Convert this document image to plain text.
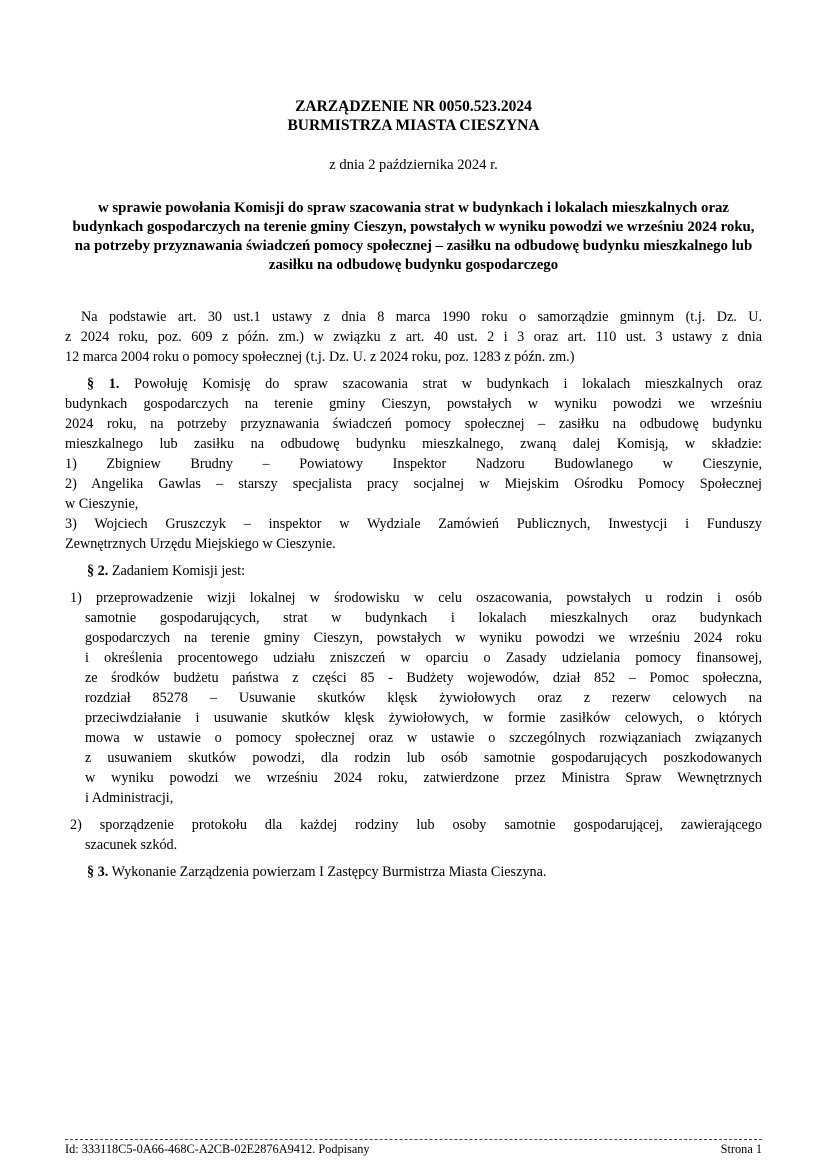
ZARZĄDZENIE NR 0050.523.2024
BURMISTRZA MIASTA CIESZYNA
z dnia 2 października 2024 r.
w sprawie powołania Komisji do spraw szacowania strat w budynkach i lokalach mieszkalnych oraz budynkach gospodarczych na terenie gminy Cieszyn, powstałych w wyniku powodzi we wrześniu 2024 roku, na potrzeby przyznawania świadczeń pomocy społecznej – zasiłku na odbudowę budynku mieszkalnego lub zasiłku na odbudowę budynku gospodarczego
Na podstawie art. 30 ust.1 ustawy z dnia 8 marca 1990 roku o samorządzie gminnym (t.j. Dz. U.
z 2024 roku, poz. 609 z późn. zm.) w związku z art. 40 ust. 2 i 3 oraz art. 110 ust. 3 ustawy z dnia
12 marca 2004 roku o pomocy społecznej (t.j. Dz. U. z 2024 roku, poz. 1283 z późn. zm.)
§ 1. Powołuję Komisję do spraw szacowania strat w budynkach i lokalach mieszkalnych oraz
budynkach gospodarczych na terenie gminy Cieszyn, powstałych w wyniku powodzi we wrześniu
2024 roku, na potrzeby przyznawania świadczeń pomocy społecznej – zasiłku na odbudowę budynku
mieszkalnego lub zasiłku na odbudowę budynku mieszkalnego, zwaną dalej Komisją, w składzie:
1) Zbigniew Brudny – Powiatowy Inspektor Nadzoru Budowlanego w Cieszynie,
2) Angelika Gawlas – starszy specjalista pracy socjalnej w Miejskim Ośrodku Pomocy Społecznej
w Cieszynie,
3) Wojciech Gruszczyk – inspektor w Wydziale Zamówień Publicznych, Inwestycji i Funduszy
Zewnętrznych Urzędu Miejskiego w Cieszynie.
§ 2. Zadaniem Komisji jest:
1) przeprowadzenie wizji lokalnej w środowisku w celu oszacowania, powstałych u rodzin i osób
samotnie gospodarujących, strat w budynkach i lokalach mieszkalnych oraz budynkach
gospodarczych na terenie gminy Cieszyn, powstałych w wyniku powodzi we wrześniu 2024 roku
i określenia procentowego udziału zniszczeń w oparciu o Zasady udzielania pomocy finansowej,
ze środków budżetu państwa z części 85 - Budżety wojewodów, dział 852 – Pomoc społeczna,
rozdział 85278 – Usuwanie skutków klęsk żywiołowych oraz z rezerw celowych na
przeciwdziałanie i usuwanie skutków klęsk żywiołowych, w formie zasiłków celowych, o których
mowa w ustawie o pomocy społecznej oraz w ustawie o szczególnych rozwiązaniach związanych
z usuwaniem skutków powodzi, dla rodzin lub osób samotnie gospodarujących poszkodowanych
w wyniku powodzi we wrześniu 2024 roku, zatwierdzone przez Ministra Spraw Wewnętrznych
i Administracji,
2) sporządzenie protokołu dla każdej rodziny lub osoby samotnie gospodarującej, zawierającego
szacunek szkód.
§ 3. Wykonanie Zarządzenia powierzam I Zastępcy Burmistrza Miasta Cieszyna.
Id: 333118C5-0A66-468C-A2CB-02E2876A9412. Podpisany	Strona 1
